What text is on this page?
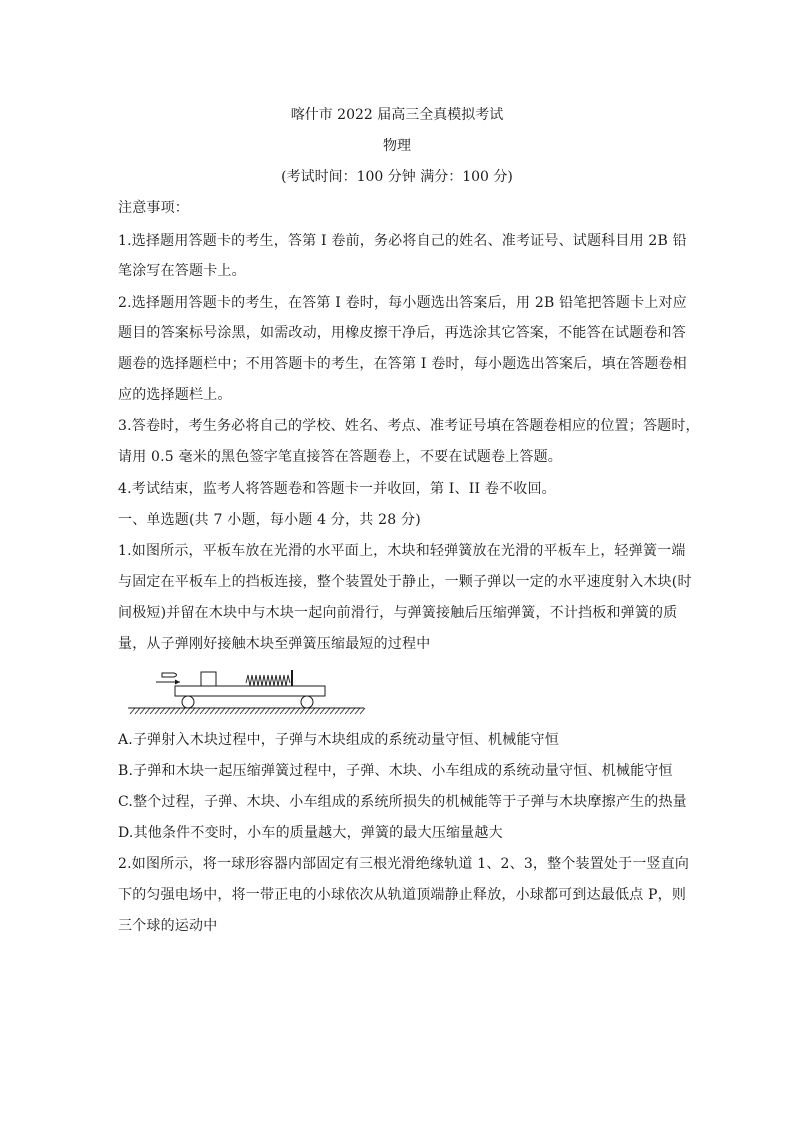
喀什市 2022 届高三全真模拟考试
物理
(考试时间：100 分钟 满分：100 分)
注意事项：
1.选择题用答题卡的考生，答第 I 卷前，务必将自己的姓名、准考证号、试题科目用 2B 铅
笔涂写在答题卡上。
2.选择题用答题卡的考生，在答第 I 卷时，每小题选出答案后，用 2B 铅笔把答题卡上对应
题目的答案标号涂黑，如需改动，用橡皮擦干净后，再选涂其它答案，不能答在试题卷和答
题卷的选择题栏中；不用答题卡的考生，在答第 I 卷时，每小题选出答案后，填在答题卷相
应的选择题栏上。
3.答卷时，考生务必将自己的学校、姓名、考点、准考证号填在答题卷相应的位置；答题时，
请用 0.5 毫米的黑色签字笔直接答在答题卷上，不要在试题卷上答题。
4.考试结束，监考人将答题卷和答题卡一并收回，第 I、II 卷不收回。
一、单选题(共 7 小题，每小题 4 分，共 28 分)
1.如图所示，平板车放在光滑的水平面上，木块和轻弹簧放在光滑的平板车上，轻弹簧一端
与固定在平板车上的挡板连接，整个装置处于静止，一颗子弹以一定的水平速度射入木块(时
间极短)并留在木块中与木块一起向前滑行，与弹簧接触后压缩弹簧，不计挡板和弹簧的质
量，从子弹刚好接触木块至弹簧压缩最短的过程中
A.子弹射入木块过程中，子弹与木块组成的系统动量守恒、机械能守恒
B.子弹和木块一起压缩弹簧过程中，子弹、木块、小车组成的系统动量守恒、机械能守恒
C.整个过程，子弹、木块、小车组成的系统所损失的机械能等于子弹与木块摩擦产生的热量
D.其他条件不变时，小车的质量越大，弹簧的最大压缩量越大
2.如图所示，将一球形容器内部固定有三根光滑绝缘轨道 1、2、3，整个装置处于一竖直向
下的匀强电场中，将一带正电的小球依次从轨道顶端静止释放，小球都可到达最低点 P，则
三个球的运动中
